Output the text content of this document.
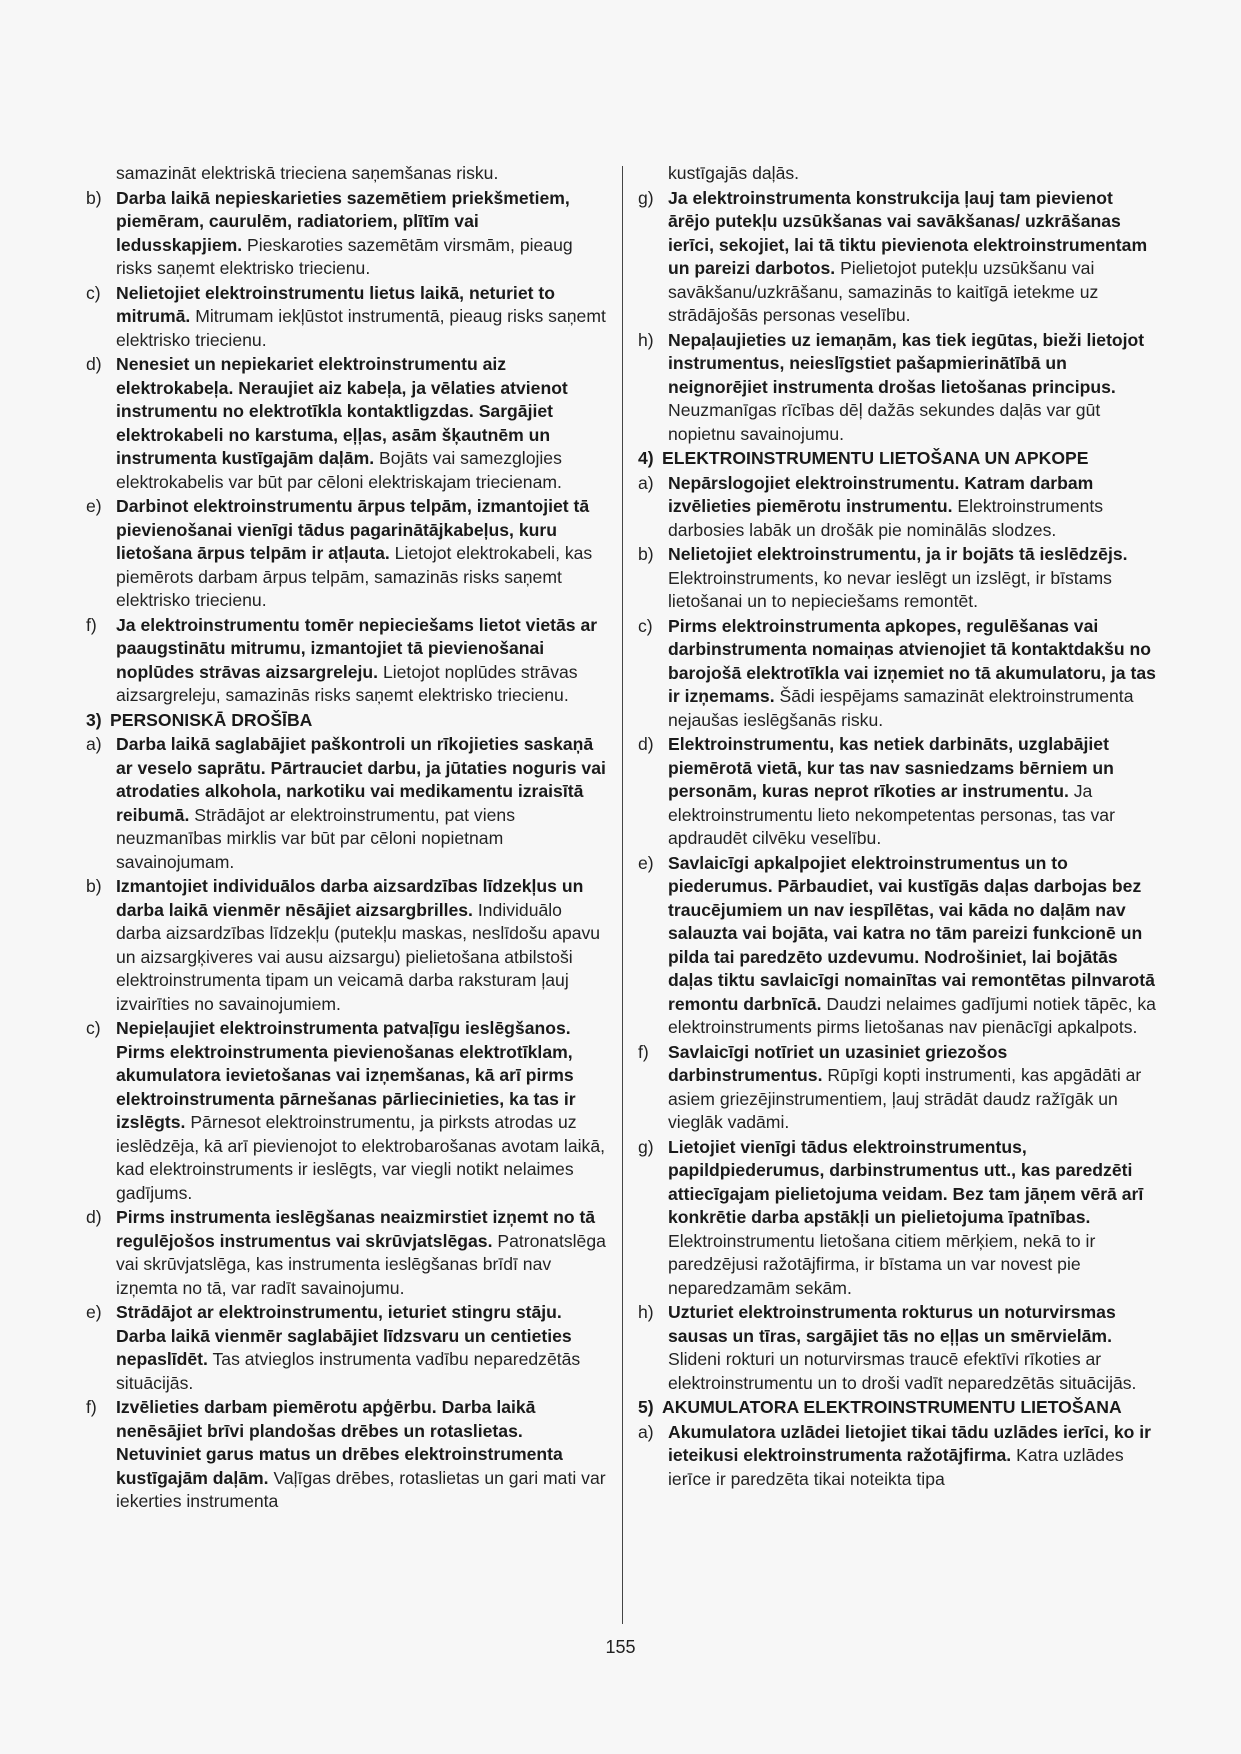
samazināt elektriskā trieciena saņemšanas risku.
b) Darba laikā nepieskarieties sazemētiem priekšmetiem, piemēram, caurulēm, radiatoriem, plītīm vai ledusskapjiem. Pieskaroties sazemētām virsmām, pieaug risks saņemt elektrisko triecienu.
c) Nelietojiet elektroinstrumentu lietus laikā, neturiet to mitrumā. Mitrumam iekļūstot instrumentā, pieaug risks saņemt elektrisko triecienu.
d) Nenesiet un nepiekariet elektroinstrumentu aiz elektrokabeļa. Neraujiet aiz kabeļa, ja vēlaties atvienot instrumentu no elektrotīkla kontaktligzdas. Sargājiet elektrokabeli no karstuma, eļļas, asām šķautnēm un instrumenta kustīgajām daļām. Bojāts vai samezglojies elektrokabelis var būt par cēloni elektriskajam triecienam.
e) Darbinot elektroinstrumentu ārpus telpām, izmantojiet tā pievienošanai vienīgi tādus pagarinātājkabeļus, kuru lietošana ārpus telpām ir atļauta. Lietojot elektrokabeli, kas piemērots darbam ārpus telpām, samazinās risks saņemt elektrisko triecienu.
f) Ja elektroinstrumentu tomēr nepieciešams lietot vietās ar paaugstinātu mitrumu, izmantojiet tā pievienošanai noplūdes strāvas aizsargreleju. Lietojot noplūdes strāvas aizsargreleju, samazinās risks saņemt elektrisko triecienu.
3) PERSONISKĀ DROŠĪBA
a) Darba laikā saglabājiet paškontroli un rīkojieties saskaņā ar veselo saprātu. Pārtrauciet darbu, ja jūtaties noguris vai atrodaties alkohola, narkotiku vai medikamentu izraisītā reibumā. Strādājot ar elektroinstrumentu, pat viens neuzmanības mirklis var būt par cēloni nopietnam savainojumam.
b) Izmantojiet individuālos darba aizsardzības līdzekļus un darba laikā vienmēr nēsājiet aizsargbrilles. Individuālo darba aizsardzības līdzekļu (putekļu maskas, neslīdošu apavu un aizsargķiveres vai ausu aizsargu) pielietošana atbilstoši elektroinstrumenta tipam un veicamā darba raksturam ļauj izvairīties no savainojumiem.
c) Nepieļaujiet elektroinstrumenta patvaļīgu ieslēgšanos. Pirms elektroinstrumenta pievienošanas elektrotīklam, akumulatora ievietošanas vai izņemšanas, kā arī pirms elektroinstrumenta pārnešanas pārliecinieties, ka tas ir izslēgts. Pārnesot elektroinstrumentu, ja pirksts atrodas uz ieslēdzēja, kā arī pievienojot to elektrobarošanas avotam laikā, kad elektroinstruments ir ieslēgts, var viegli notikt nelaimes gadījums.
d) Pirms instrumenta ieslēgšanas neaizmirstiet izņemt no tā regulējošos instrumentus vai skrūvjatslēgas. Patronatslēga vai skrūvjatslēga, kas instrumenta ieslēgšanas brīdī nav izņemta no tā, var radīt savainojumu.
e) Strādājot ar elektroinstrumentu, ieturiet stingru stāju. Darba laikā vienmēr saglabājiet līdzsvaru un centieties nepaslīdēt. Tas atvieglos instrumenta vadību neparedzētās situācijās.
f) Izvēlieties darbam piemērotu apģērbu. Darba laikā nenēsājiet brīvi plandošas drēbes un rotaslietas. Netuviniet garus matus un drēbes elektroinstrumenta kustīgajām daļām. Vaļīgas drēbes, rotaslietas un gari mati var iekerties instrumenta
kustīgajās daļās.
g) Ja elektroinstrumenta konstrukcija ļauj tam pievienot ārējo putekļu uzsūkšanas vai savākšanas/ uzkrāšanas ierīci, sekojiet, lai tā tiktu pievienota elektroinstrumentam un pareizi darbotos. Pielietojot putekļu uzsūkšanu vai savākšanu/uzkrāšanu, samazinās to kaitīgā ietekme uz strādājošās personas veselību.
h) Nepaļaujieties uz iemaņām, kas tiek iegūtas, bieži lietojot instrumentus, neieslīgstiet pašapmierinātībā un neignorējiet instrumenta drošas lietošanas principus. Neuzmanīgas rīcības dēļ dažās sekundes daļās var gūt nopietnu savainojumu.
4) ELEKTROINSTRUMENTU LIETOŠANA UN APKOPE
a) Nepārslogojiet elektroinstrumentu. Katram darbam izvēlieties piemērotu instrumentu. Elektroinstruments darbosies labāk un drošāk pie nominālās slodzes.
b) Nelietojiet elektroinstrumentu, ja ir bojāts tā ieslēdzējs. Elektroinstruments, ko nevar ieslēgt un izslēgt, ir bīstams lietošanai un to nepieciešams remontēt.
c) Pirms elektroinstrumenta apkopes, regulēšanas vai darbinstrumenta nomaiņas atvienojiet tā kontaktdakšu no barojošā elektrotīkla vai izņemiet no tā akumulatoru, ja tas ir izņemams. Šādi iespējams samazināt elektroinstrumenta nejaušas ieslēgšanās risku.
d) Elektroinstrumentu, kas netiek darbināts, uzglabājiet piemērotā vietā, kur tas nav sasniedzams bērniem un personām, kuras neprot rīkoties ar instrumentu. Ja elektroinstrumentu lieto nekompetentas personas, tas var apdraudēt cilvēku veselību.
e) Savlaicīgi apkalpojiet elektroinstrumentus un to piederumus. Pārbaudiet, vai kustīgās daļas darbojas bez traucējumiem un nav iespīlētas, vai kāda no daļām nav salauzta vai bojāta, vai katra no tām pareizi funkcionē un pilda tai paredzēto uzdevumu. Nodrošiniet, lai bojātās daļas tiktu savlaicīgi nomainītas vai remontētas pilnvarotā remontu darbnīcā. Daudzi nelaimes gadījumi notiek tāpēc, ka elektroinstruments pirms lietošanas nav pienācīgi apkalpots.
f) Savlaicīgi notīriet un uzasiniet griezošos darbinstrumentus. Rūpīgi kopti instrumenti, kas apgādāti ar asiem griezējinstrumentiem, ļauj strādāt daudz ražīgāk un vieglāk vadāmi.
g) Lietojiet vienīgi tādus elektroinstrumentus, papildpiederumus, darbinstrumentus utt., kas paredzēti attiecīgajam pielietojuma veidam. Bez tam jāņem vērā arī konkrētie darba apstākļi un pielietojuma īpatnības. Elektroinstrumentu lietošana citiem mērķiem, nekā to ir paredzējusi ražotājfirma, ir bīstama un var novest pie neparedzamām sekām.
h) Uzturiet elektroinstrumenta rokturus un noturvirsmas sausas un tīras, sargājiet tās no eļļas un smērvielām. Slideni rokturi un noturvirsmas traucē efektīvi rīkoties ar elektroinstrumentu un to droši vadīt neparedzētās situācijās.
5) AKUMULATORA ELEKTROINSTRUMENTU LIETOŠANA
a) Akumulatora uzlādei lietojiet tikai tādu uzlādes ierīci, ko ir ieteikusi elektroinstrumenta ražotājfirma. Katra uzlādes ierīce ir paredzēta tikai noteikta tipa
155
